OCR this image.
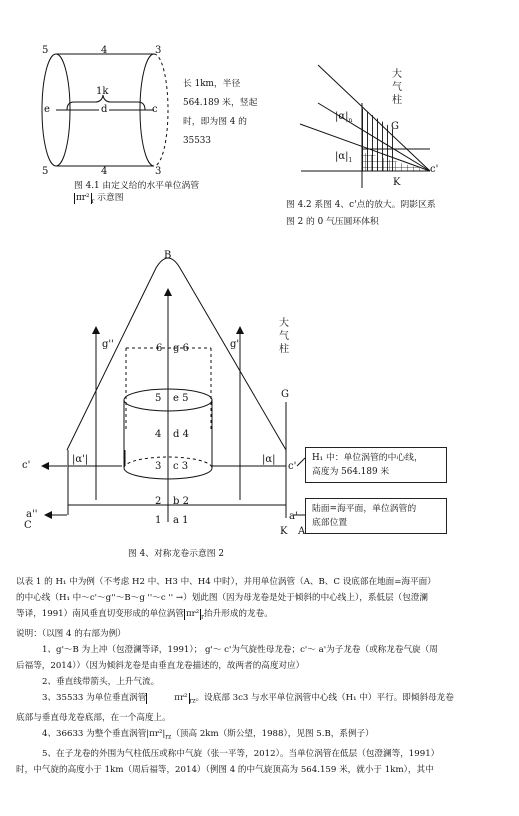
5	4	3
5	4	3
e	d	c
1k
图 4.1 由定义给的水平单位涡管
πr² $_r$ 示意图
长 1km，半径
564.189 米，竖起
时，即为图 4 的
35533
大
气
柱
G
K
c'
$|\alpha|_n$
$|\alpha|_1$
图 4.2 系图 4、c'点的放大。阴影区系
图 2 的 0 气压圆环体积
B
g''	g'
6 g 6
大
气
柱
G
5 e 5
4 d 4
3 c 3
2 b 2
1 a 1
|α'|	|α|
c'	c'
a''	a'
C
K A
H₁ 中：单位涡管的中心线，
高度为 564.189 米
陆面=海平面，单位涡管的
底部位置
图 4、对称龙卷示意图 2

以表 1 的 H₁ 中为例（不考虑 H2 中、H3 中、H4 中时），并用单位涡管（A、B、C 设底部在地面=海平面）

的中心线（H₁ 中～c'～g''～B～g ''～c '' →）划此图（因为母龙卷是处于倾斜的中心线上），系低层（包澄澜

等译，1991）南风垂直切变形成的单位涡管 πr² $_r$抬升形成的龙卷。

说明：（以图 4 的右部为例）

1、g'～B 为上冲（包澄澜等译，1991）； g'～ c'为气旋性母龙卷；c'～ a'为子龙卷（或称龙卷气旋（周

后福等，2014））（因为倾斜龙卷是由垂直龙卷描述的，故两者的高度对应）

2、垂直线带箭头，上升气流。

3、35533 为单位垂直涡管	πr² $_{rz}$。设底部 3c3 与水平单位涡管中心线（H₁ 中）平行。即倾斜母龙卷

底部与垂直母龙卷底部，在一个高度上。

4、36633 为整个垂直涡管$|\pi r^2|_{rz}$（顶高 2km（斯公望，1988），见图 5.B，系例子）

5、在子龙卷的外围为气柱低压或称中气旋（张一平等，2012）。当单位涡管在低层（包澄澜等，1991）

时，中气旋的高度小于 1km（周后福等，2014）（例图 4 的中气旋顶高为 564.159 米，就小于 1km），其中
